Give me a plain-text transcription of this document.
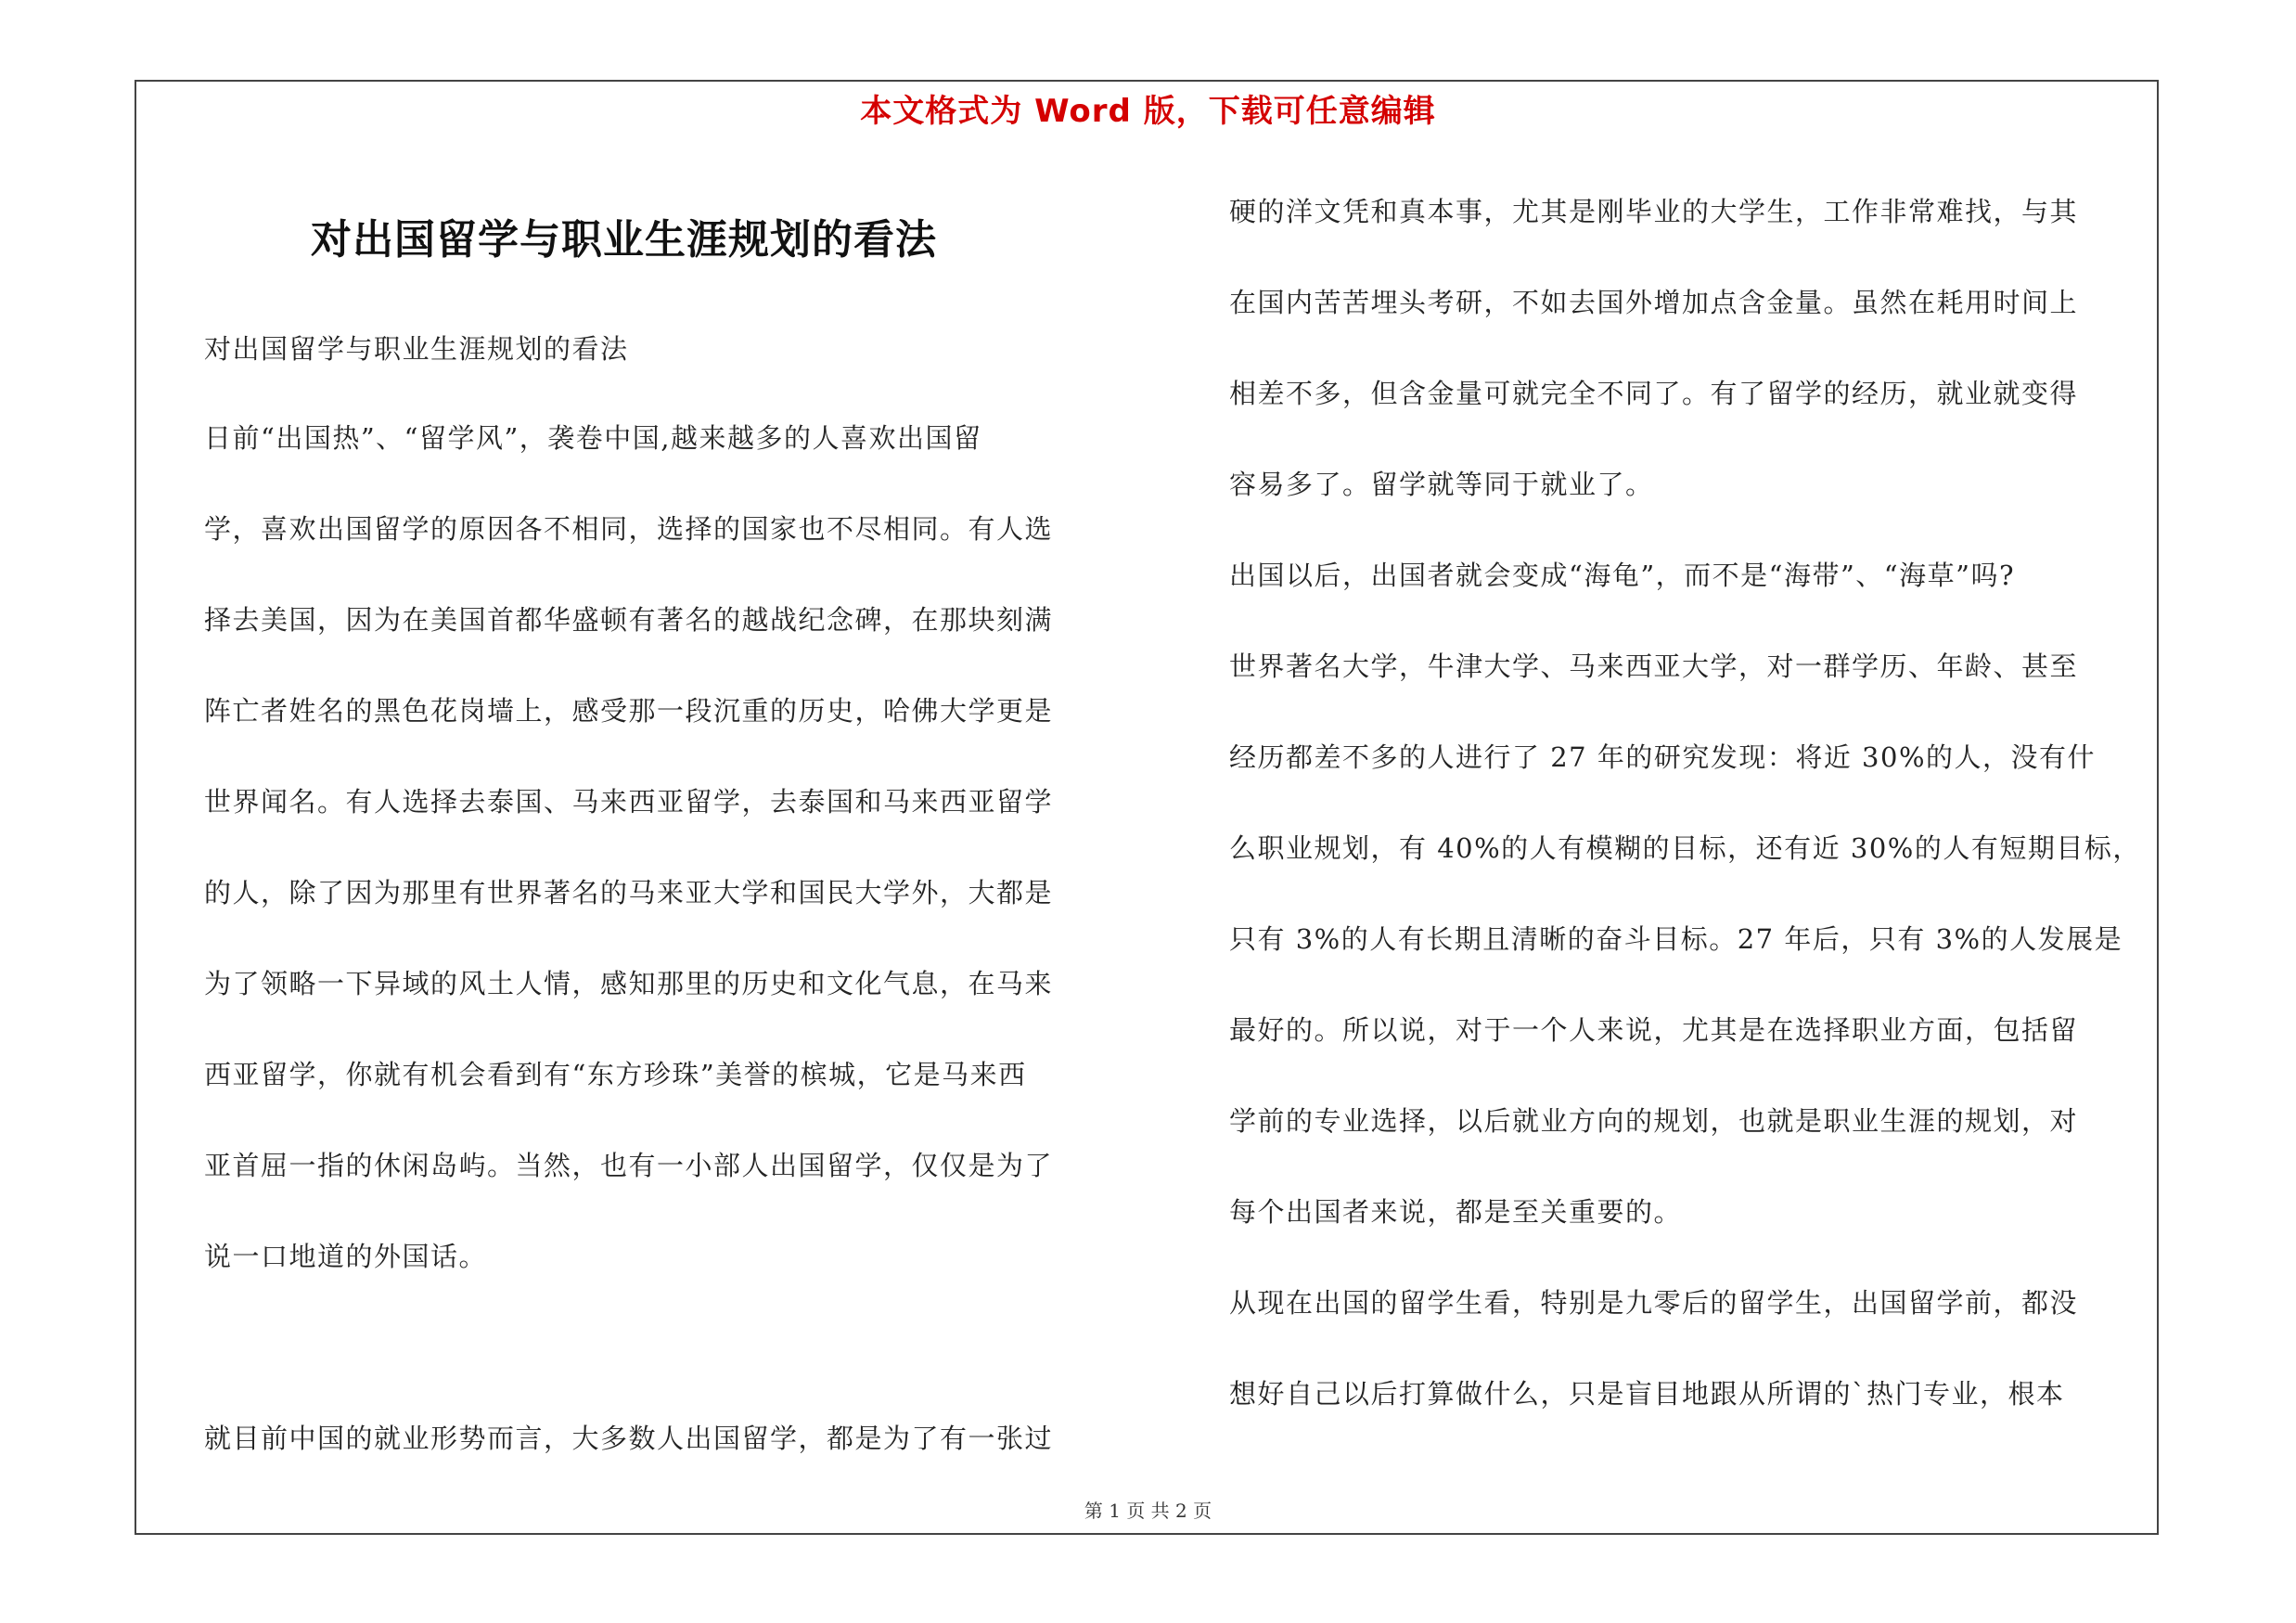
本文格式为 Word 版，下载可任意编辑
对出国留学与职业生涯规划的看法
对出国留学与职业生涯规划的看法
日前“出国热”、“留学风”，袭卷中国,越来越多的人喜欢出国留
学，喜欢出国留学的原因各不相同，选择的国家也不尽相同。有人选
择去美国，因为在美国首都华盛顿有著名的越战纪念碑，在那块刻满
阵亡者姓名的黑色花岗墙上，感受那一段沉重的历史，哈佛大学更是
世界闻名。有人选择去泰国、马来西亚留学，去泰国和马来西亚留学
的人，除了因为那里有世界著名的马来亚大学和国民大学外，大都是
为了领略一下异域的风土人情，感知那里的历史和文化气息，在马来
西亚留学，你就有机会看到有“东方珍珠”美誉的槟城，它是马来西
亚首屈一指的休闲岛屿。当然，也有一小部人出国留学，仅仅是为了
说一口地道的外国话。
就目前中国的就业形势而言，大多数人出国留学，都是为了有一张过
硬的洋文凭和真本事，尤其是刚毕业的大学生，工作非常难找，与其
在国内苦苦埋头考研，不如去国外增加点含金量。虽然在耗用时间上
相差不多，但含金量可就完全不同了。有了留学的经历，就业就变得
容易多了。留学就等同于就业了。
出国以后，出国者就会变成“海龟”，而不是“海带”、“海草”吗?
世界著名大学，牛津大学、马来西亚大学，对一群学历、年龄、甚至
经历都差不多的人进行了 27 年的研究发现：将近 30%的人，没有什
么职业规划，有 40%的人有模糊的目标，还有近 30%的人有短期目标，
只有 3%的人有长期且清晰的奋斗目标。27 年后，只有 3%的人发展是
最好的。所以说，对于一个人来说，尤其是在选择职业方面，包括留
学前的专业选择，以后就业方向的规划，也就是职业生涯的规划，对
每个出国者来说，都是至关重要的。
从现在出国的留学生看，特别是九零后的留学生，出国留学前，都没
想好自己以后打算做什么，只是盲目地跟从所谓的`热门专业，根本
第 1 页 共 2 页
